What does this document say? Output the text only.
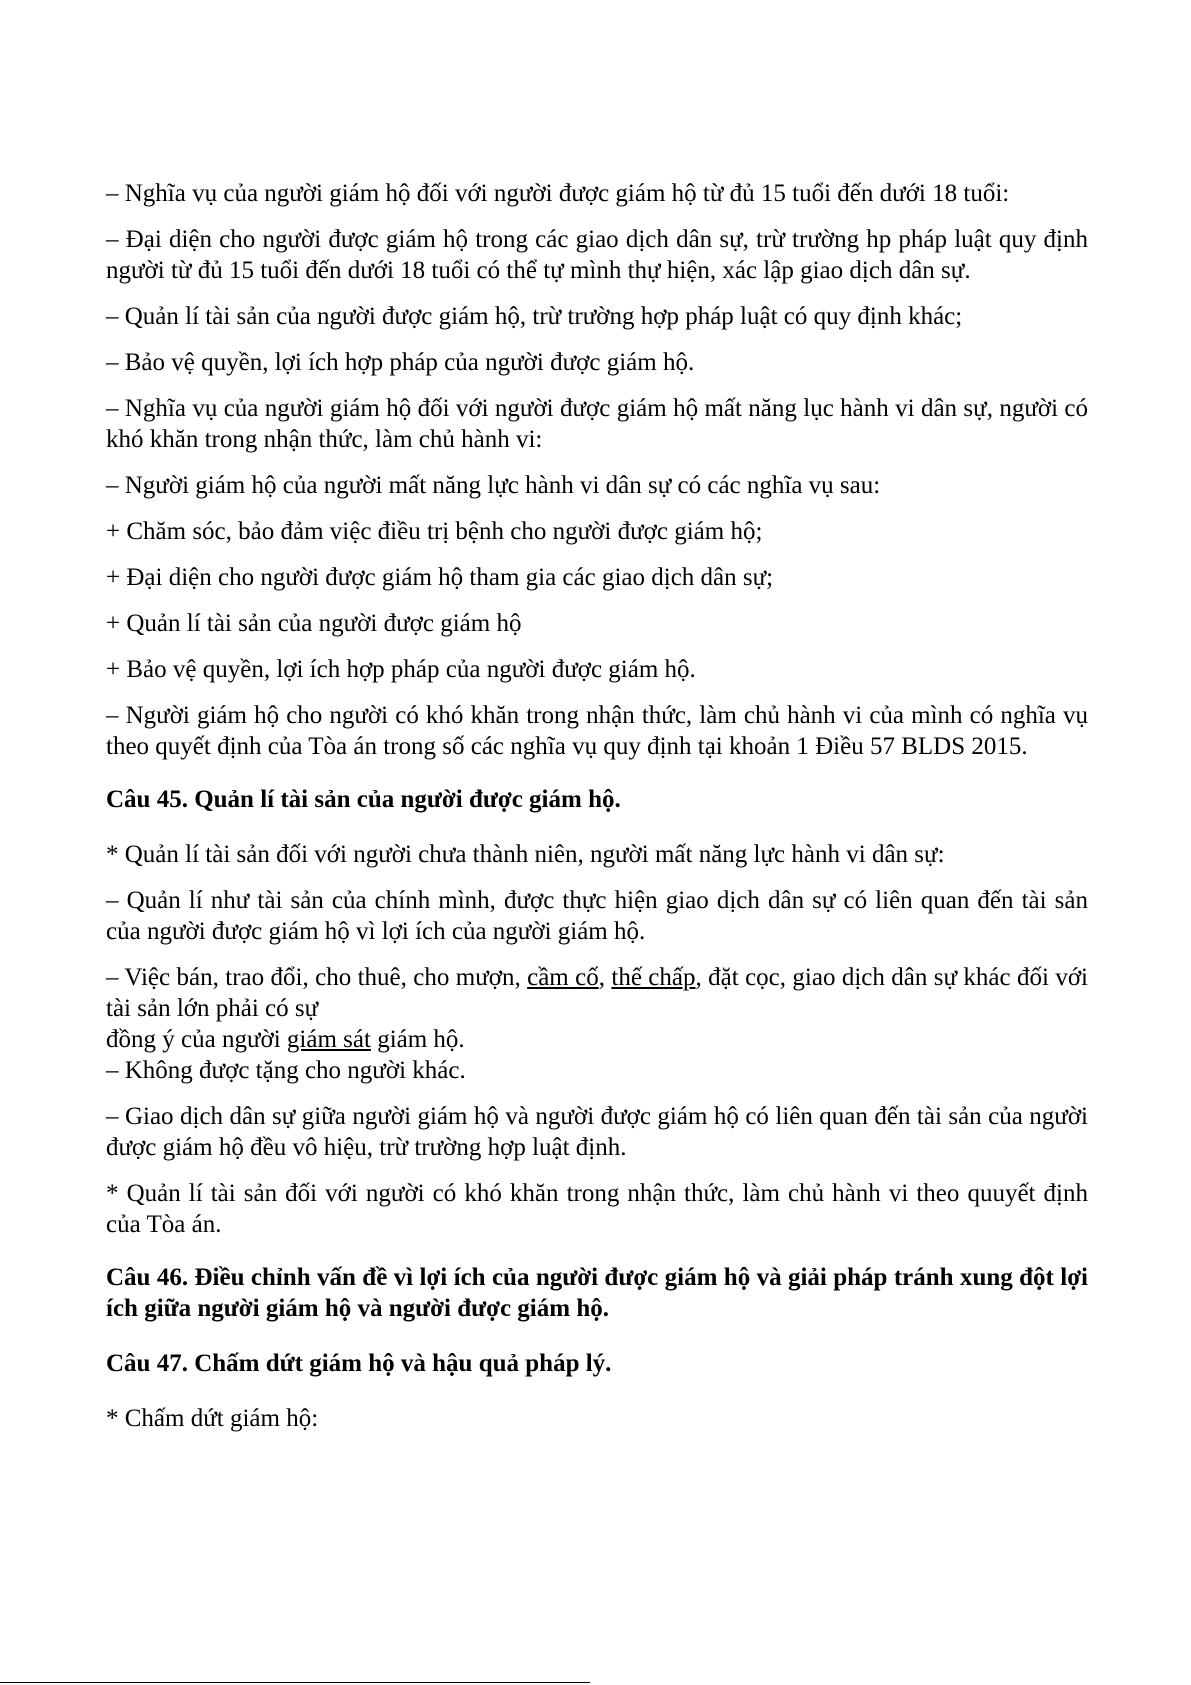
– Nghĩa vụ của người giám hộ đối với người được giám hộ từ đủ 15 tuổi đến dưới 18 tuổi:

– Đại diện cho người được giám hộ trong các giao dịch dân sự, trừ trường hp pháp luật quy định người từ đủ 15 tuổi đến dưới 18 tuổi có thể tự mình thự hiện, xác lập giao dịch dân sự.

– Quản lí tài sản của người được giám hộ, trừ trường hợp pháp luật có quy định khác;

– Bảo vệ quyền, lợi ích hợp pháp của người được giám hộ.

– Nghĩa vụ của người giám hộ đối với người được giám hộ mất năng lục hành vi dân sự, người có khó khăn trong nhận thức, làm chủ hành vi:

– Người giám hộ của người mất năng lực hành vi dân sự có các nghĩa vụ sau:

+ Chăm sóc, bảo đảm việc điều trị bệnh cho người được giám hộ;

+ Đại diện cho người được giám hộ tham gia các giao dịch dân sự;

+ Quản lí tài sản của người được giám hộ

+ Bảo vệ quyền, lợi ích hợp pháp của người được giám hộ.

– Người giám hộ cho người có khó khăn trong nhận thức, làm chủ hành vi của mình có nghĩa vụ theo quyết định của Tòa án trong số các nghĩa vụ quy định tại khoản 1 Điều 57 BLDS 2015.

Câu 45. Quản lí tài sản của người được giám hộ.

* Quản lí tài sản đối với người chưa thành niên, người mất năng lực hành vi dân sự:

– Quản lí như tài sản của chính mình, được thực hiện giao dịch dân sự có liên quan đến tài sản của người được giám hộ vì lợi ích của người giám hộ.

– Việc bán, trao đổi, cho thuê, cho mượn, cầm cố, thế chấp, đặt cọc, giao dịch dân sự khác đối với tài sản lớn phải có sự

đồng ý của người giám sát giám hộ.

– Không được tặng cho người khác.

– Giao dịch dân sự giữa người giám hộ và người được giám hộ có liên quan đến tài sản của người được giám hộ đều vô hiệu, trừ trường hợp luật định.

* Quản lí tài sản đối với người có khó khăn trong nhận thức, làm chủ hành vi theo quuyết định của Tòa án.

Câu 46. Điều chỉnh vấn đề vì lợi ích của người được giám hộ và giải pháp tránh xung đột lợi ích giữa người giám hộ và người được giám hộ.

Câu 47. Chấm dứt giám hộ và hậu quả pháp lý.

* Chấm dứt giám hộ:
